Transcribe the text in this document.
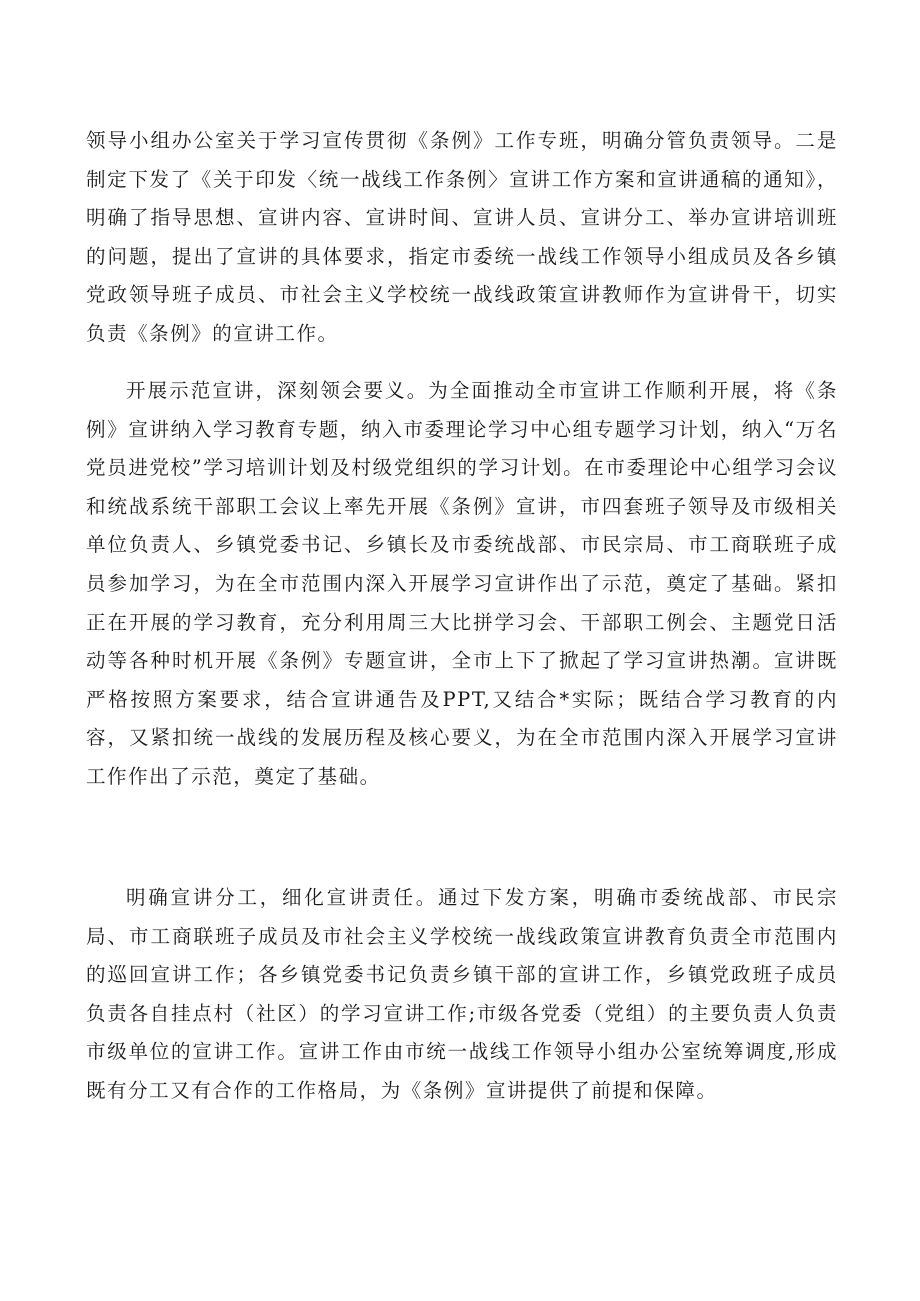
领导小组办公室关于学习宣传贯彻《条例》工作专班，明确分管负责领导。二是制定下发了《关于印发〈统一战线工作条例〉宣讲工作方案和宣讲通稿的通知》，明确了指导思想、宣讲内容、宣讲时间、宣讲人员、宣讲分工、举办宣讲培训班的问题，提出了宣讲的具体要求，指定市委统一战线工作领导小组成员及各乡镇党政领导班子成员、市社会主义学校统一战线政策宣讲教师作为宣讲骨干，切实负责《条例》的宣讲工作。

开展示范宣讲，深刻领会要义。为全面推动全市宣讲工作顺利开展，将《条例》宣讲纳入学习教育专题，纳入市委理论学习中心组专题学习计划，纳入“万名党员进党校”学习培训计划及村级党组织的学习计划。在市委理论中心组学习会议和统战系统干部职工会议上率先开展《条例》宣讲，市四套班子领导及市级相关单位负责人、乡镇党委书记、乡镇长及市委统战部、市民宗局、市工商联班子成员参加学习，为在全市范围内深入开展学习宣讲作出了示范，奠定了基础。紧扣正在开展的学习教育，充分利用周三大比拼学习会、干部职工例会、主题党日活动等各种时机开展《条例》专题宣讲，全市上下了掀起了学习宣讲热潮。宣讲既严格按照方案要求，结合宣讲通告及PPT,又结合*实际；既结合学习教育的内容，又紧扣统一战线的发展历程及核心要义，为在全市范围内深入开展学习宣讲工作作出了示范，奠定了基础。

明确宣讲分工，细化宣讲责任。通过下发方案，明确市委统战部、市民宗局、市工商联班子成员及市社会主义学校统一战线政策宣讲教育负责全市范围内的巡回宣讲工作；各乡镇党委书记负责乡镇干部的宣讲工作，乡镇党政班子成员负责各自挂点村（社区）的学习宣讲工作;市级各党委（党组）的主要负责人负责市级单位的宣讲工作。宣讲工作由市统一战线工作领导小组办公室统筹调度,形成既有分工又有合作的工作格局，为《条例》宣讲提供了前提和保障。
